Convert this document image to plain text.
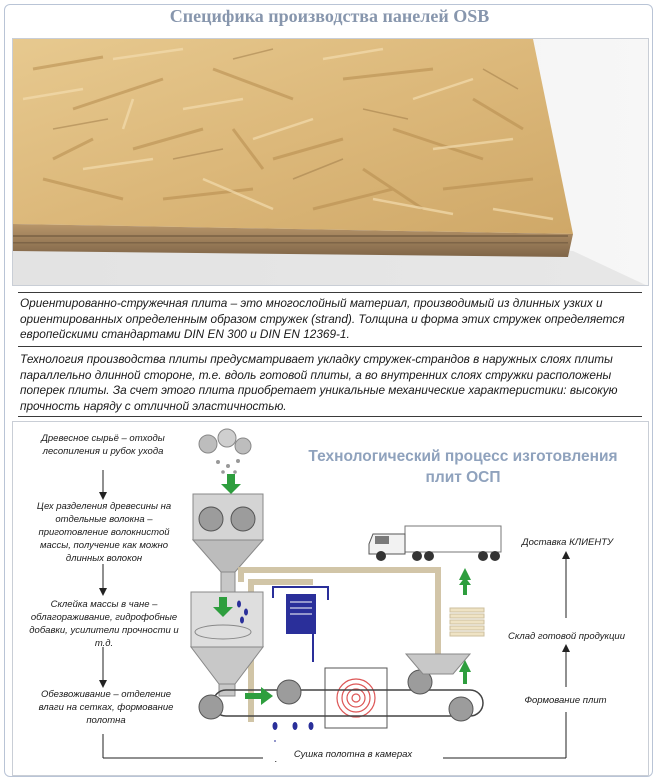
Специфика производства панелей OSB
Ориентированно-стружечная плита – это многослойный материал, производимый из длинных узких и ориентированных определенным образом стружек (strand). Толщина и форма этих стружек определяется европейскими стандартами DIN EN 300 и DIN EN 12369-1.
Технология производства плиты предусматривает укладку стружек-страндов в наружных слоях плиты параллельно длинной стороне, т.е. вдоль готовой плиты, а во внутренних слоях стружки расположены поперек плиты. За счет этого плита приобретает уникальные механические характеристики: высокую прочность наряду с отличной эластичностью.
Технологический процесс изготовления плит ОСП
Древесное сырьё – отходы лесопиления и рубок ухода
Цех разделения древесины на отдельные волокна – приготовление волокнистой массы, получение как можно длинных волокон
Склейка массы в чане – облагораживание, гидрофобные добавки, усилители прочности и т.д.
Обезвоживание – отделение влаги на сетках, формование полотна
Доставка КЛИЕНТУ
Склад готовой продукции
Формование плит
Сушка полотна в камерах
